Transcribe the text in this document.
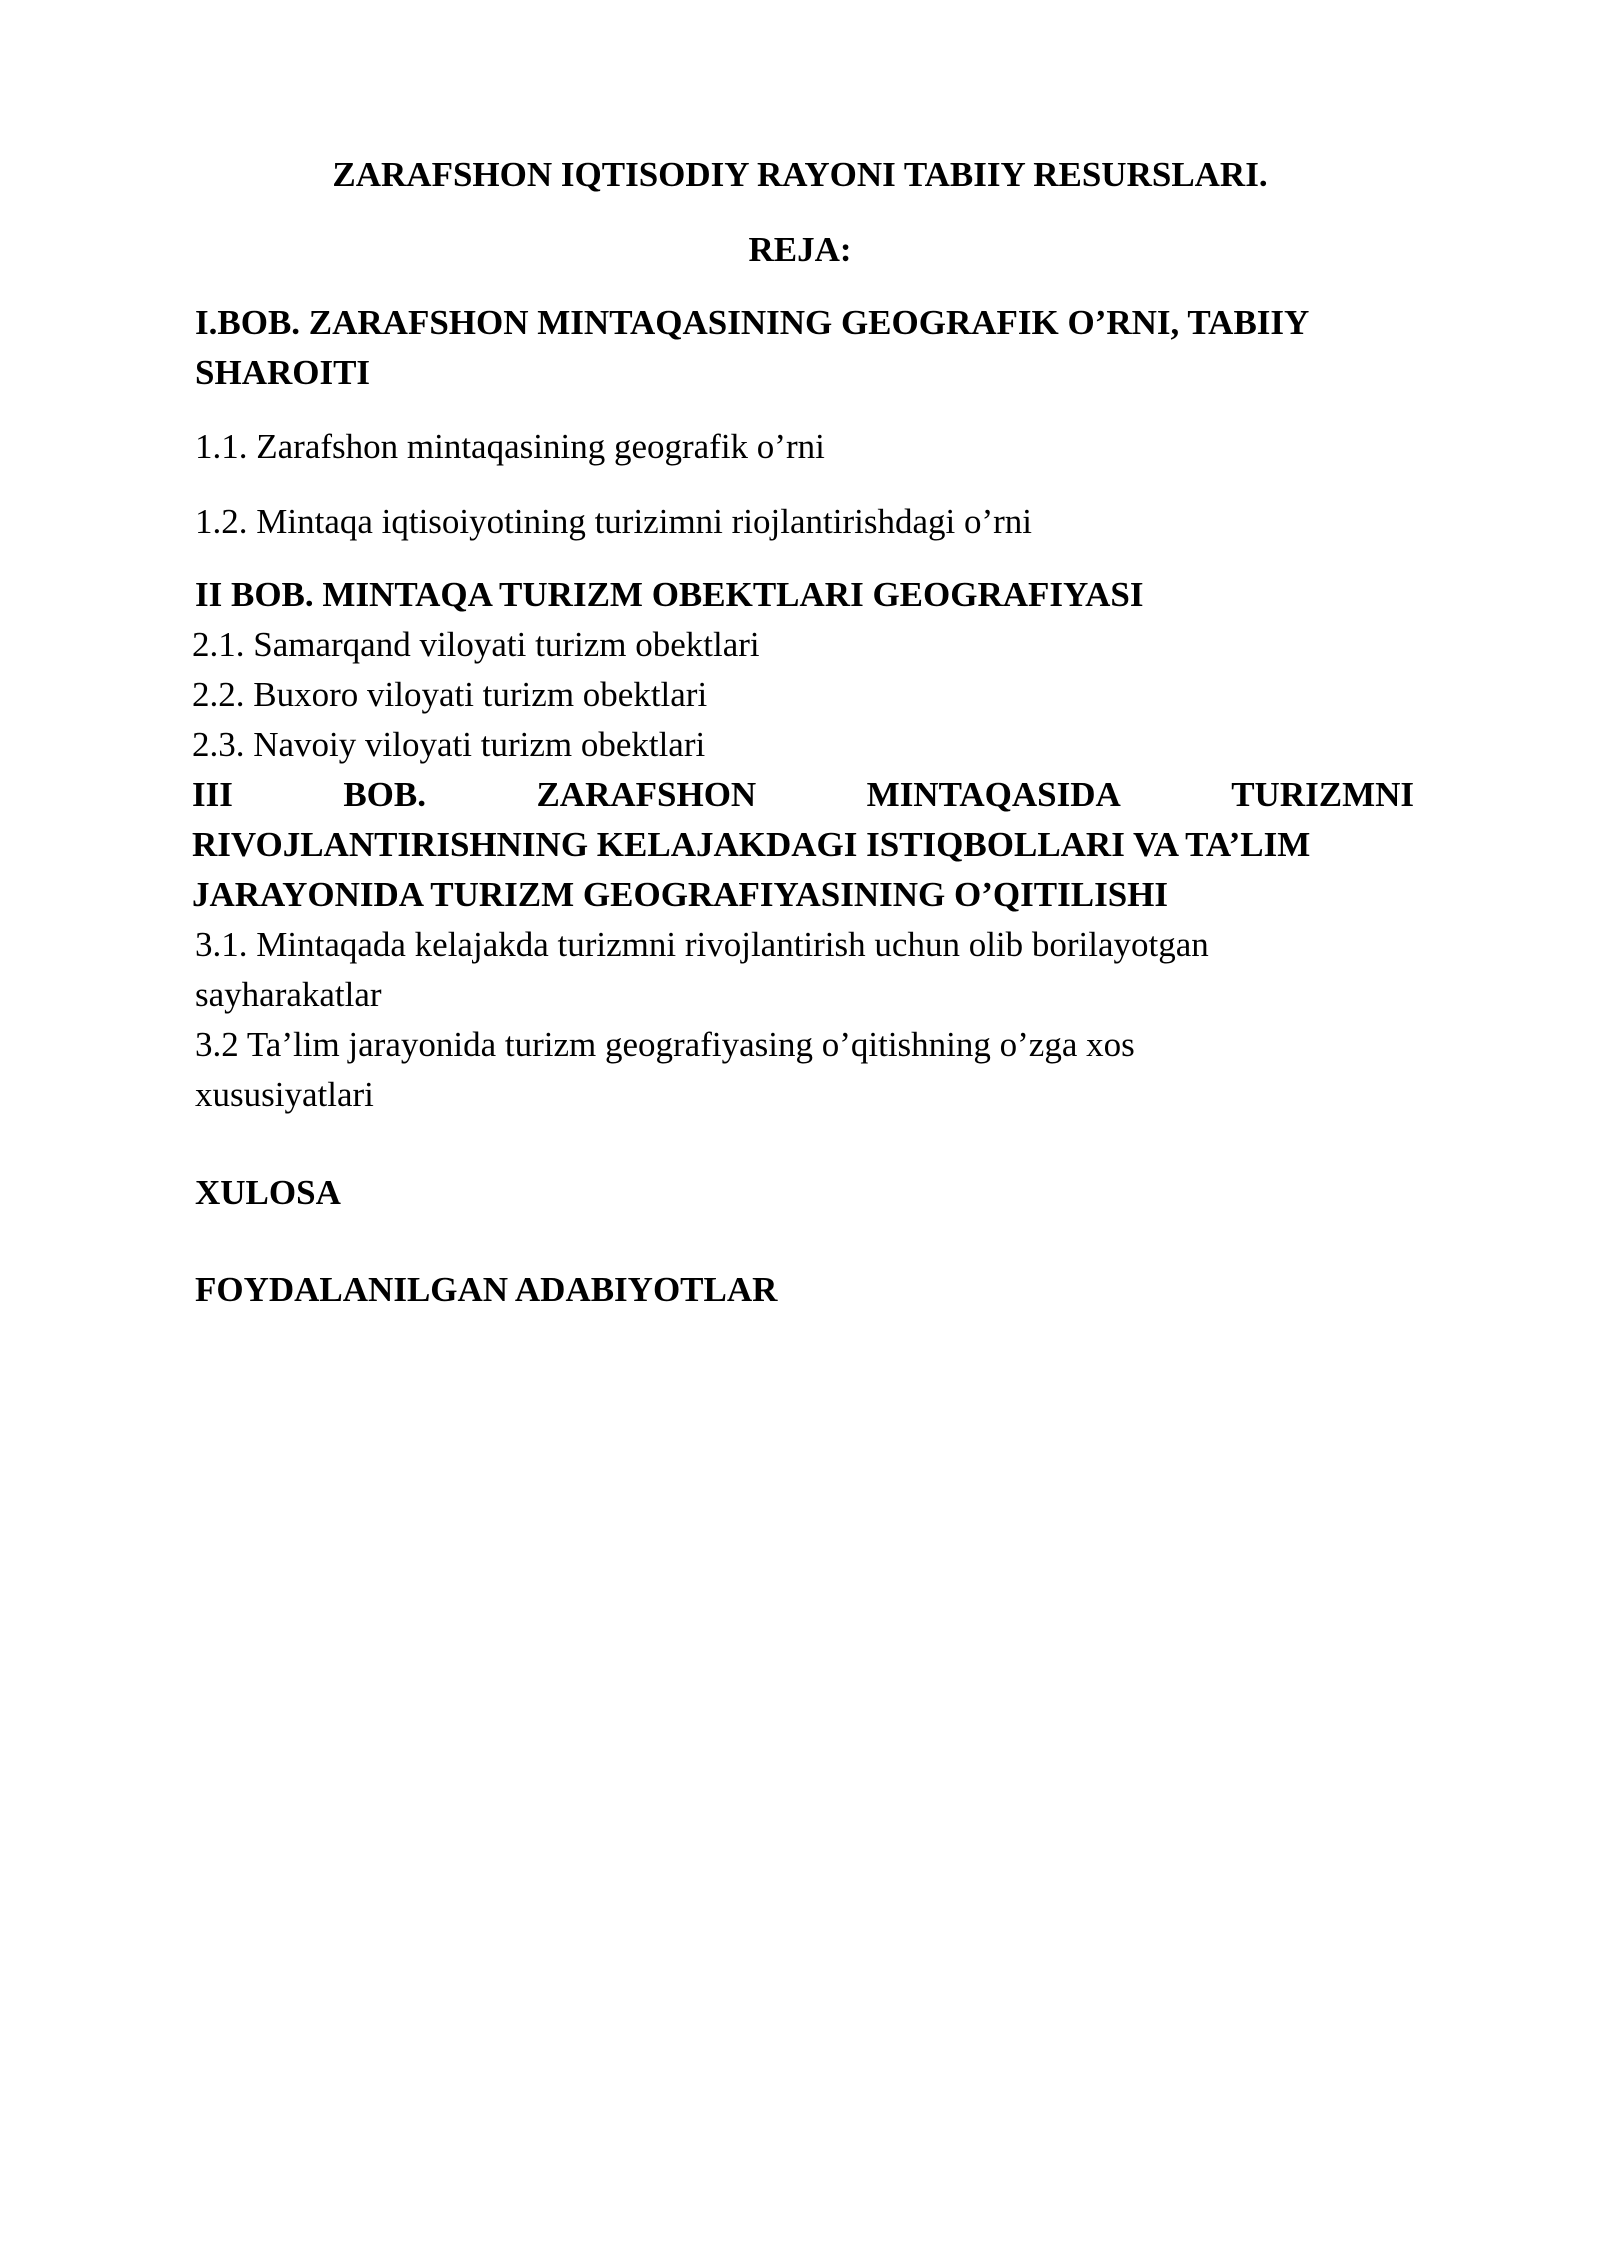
ZARAFSHON IQTISODIY RAYONI TABIIY RESURSLARI.

REJA:

I.BOB. ZARAFSHON MINTAQASINING GEOGRAFIK O’RNI, TABIIY

SHAROITI

1.1. Zarafshon mintaqasining geografik o’rni

1.2. Mintaqa iqtisoiyotining turizimni riojlantirishdagi o’rni

II BOB. MINTAQA TURIZM OBEKTLARI GEOGRAFIYASI

2.1. Samarqand viloyati turizm obektlari

2.2. Buxoro viloyati turizm obektlari

2.3. Navoiy viloyati turizm obektlari

III	BOB.	ZARAFSHON	MINTAQASIDA	TURIZMNI

RIVOJLANTIRISHNING KELAJAKDAGI ISTIQBOLLARI VA TA’LIM

JARAYONIDA TURIZM GEOGRAFIYASINING O’QITILISHI

3.1. Mintaqada kelajakda turizmni rivojlantirish uchun olib borilayotgan

sayharakatlar

3.2 Ta’lim jarayonida turizm geografiyasing o’qitishning o’zga xos

xususiyatlari

XULOSA

FOYDALANILGAN ADABIYOTLAR
